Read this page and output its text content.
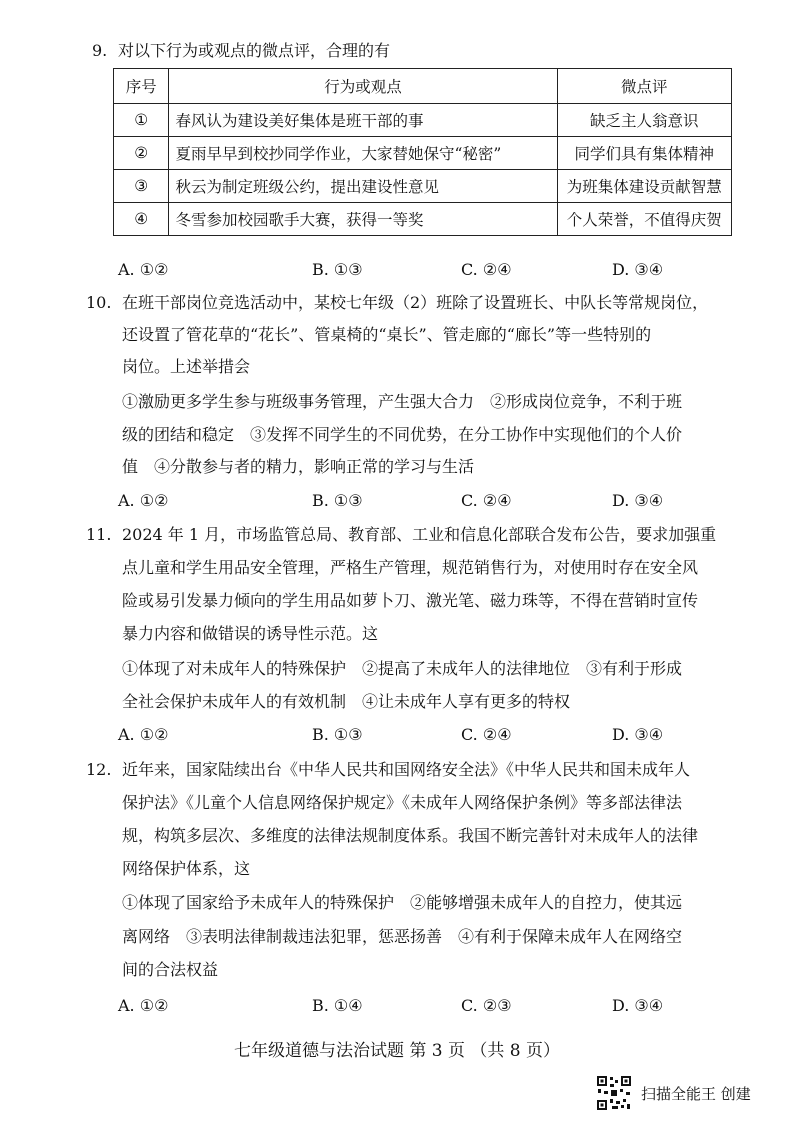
9. 对以下行为或观点的微点评，合理的有
序号	行为或观点	微点评
①	春风认为建设美好集体是班干部的事	缺乏主人翁意识
②	夏雨早早到校抄同学作业，大家替她保守“秘密”	同学们具有集体精神
③	秋云为制定班级公约，提出建设性意见	为班集体建设贡献智慧
④	冬雪参加校园歌手大赛，获得一等奖	个人荣誉，不值得庆贺
A. ①②	B. ①③	C. ②④	D. ③④
10. 在班干部岗位竞选活动中，某校七年级（2）班除了设置班长、中队长等常规岗位，
还设置了管花草的“花长”、管桌椅的“桌长”、管走廊的“廊长”等一些特别的
岗位。上述举措会
①激励更多学生参与班级事务管理，产生强大合力　②形成岗位竞争，不利于班
级的团结和稳定　③发挥不同学生的不同优势，在分工协作中实现他们的个人价
值　④分散参与者的精力，影响正常的学习与生活
A. ①②	B. ①③	C. ②④	D. ③④
11. 2024 年 1 月，市场监管总局、教育部、工业和信息化部联合发布公告，要求加强重
点儿童和学生用品安全管理，严格生产管理，规范销售行为，对使用时存在安全风
险或易引发暴力倾向的学生用品如萝卜刀、激光笔、磁力珠等，不得在营销时宣传
暴力内容和做错误的诱导性示范。这
①体现了对未成年人的特殊保护　②提高了未成年人的法律地位　③有利于形成
全社会保护未成年人的有效机制　④让未成年人享有更多的特权
A. ①②	B. ①③	C. ②④	D. ③④
12. 近年来，国家陆续出台《中华人民共和国网络安全法》《中华人民共和国未成年人
保护法》《儿童个人信息网络保护规定》《未成年人网络保护条例》等多部法律法
规，构筑多层次、多维度的法律法规制度体系。我国不断完善针对未成年人的法律
网络保护体系，这
①体现了国家给予未成年人的特殊保护　②能够增强未成年人的自控力，使其远
离网络　③表明法律制裁违法犯罪，惩恶扬善　④有利于保障未成年人在网络空
间的合法权益
A. ①②	B. ①④	C. ②③	D. ③④
七年级道德与法治试题 第 3 页 （共 8 页）
扫描全能王 创建
